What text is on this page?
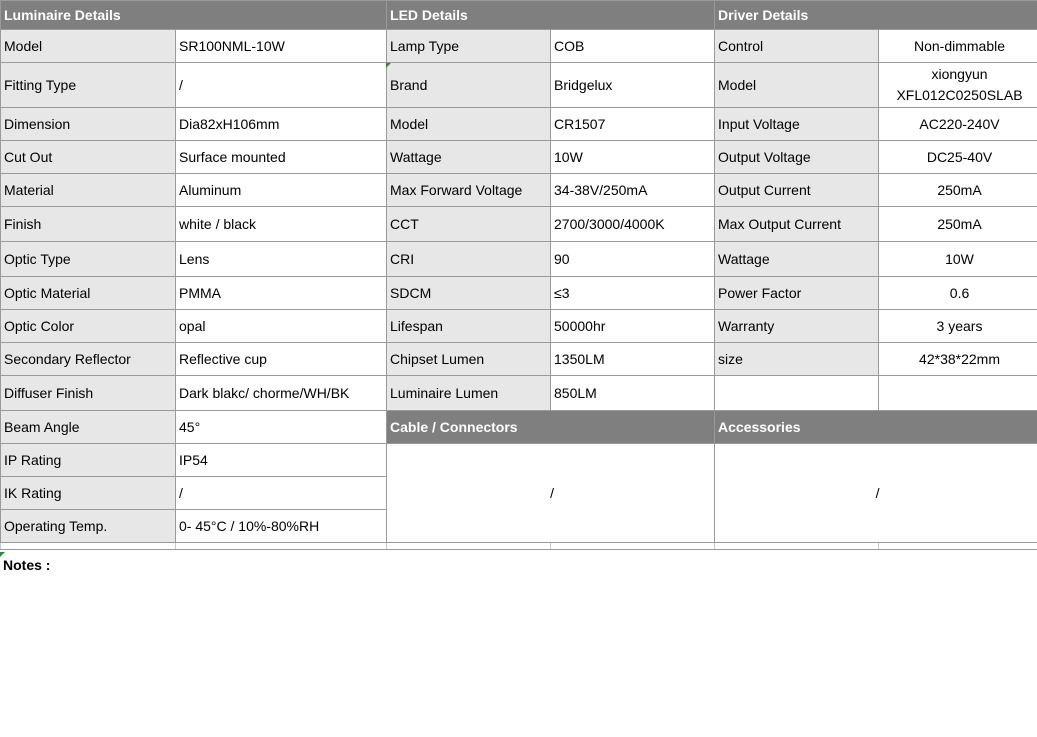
Luminaire Details		LED Details		Driver Details	
Model	SR100NML-10W	Lamp Type	COB	Control	Non-dimmable
Fitting Type	/	Brand	Bridgelux	Model	xiongyun
XFL012C0250SLAB
Dimension	Dia82xH106mm	Model	CR1507	Input Voltage	AC220-240V
Cut Out	Surface mounted	Wattage	10W	Output Voltage	DC25-40V
Material	Aluminum	Max Forward Voltage	34-38V/250mA	Output Current	250mA
Finish	white / black	CCT	2700/3000/4000K	Max Output Current	250mA
Optic Type	Lens	CRI	90	Wattage	10W
Optic Material	PMMA	SDCM	≤3	Power Factor	0.6
Optic Color	opal	Lifespan	50000hr	Warranty	3 years
Secondary Reflector	Reflective cup	Chipset Lumen	1350LM	size	42*38*22mm
Diffuser Finish	Dark blakc/ chorme/WH/BK	Luminaire Lumen	850LM		
Beam Angle	45°	Cable / Connectors		Accessories	
IP Rating	IP54	/		/	
IK Rating	/				
Operating Temp.	0- 45°C / 10%-80%RH				

Notes :
